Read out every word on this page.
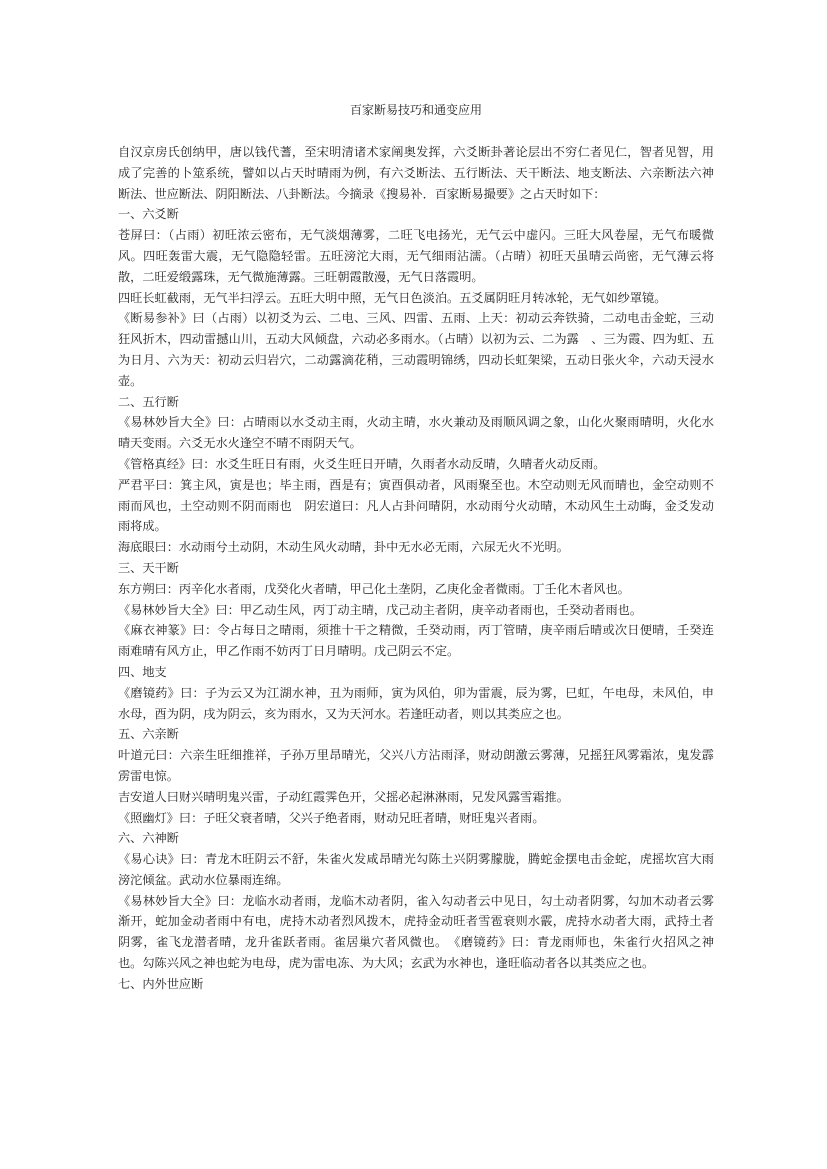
百家断易技巧和通变应用
自汉京房氏创纳甲，唐以钱代蓍，至宋明清诸术家阐奥发挥，六爻断卦著论层出不穷仁者见仁，智者见智，用成了完善的卜筮系统，譬如以占天时晴雨为例，有六爻断法、五行断法、天干断法、地支断法、六亲断法六神断法、世应断法、阴阳断法、八卦断法。今摘录《搜易补．百家断易撮要》之占天时如下：
一、六爻断
苍屏曰：（占雨）初旺浓云密布，无气淡烟薄雾，二旺飞电扬光，无气云中虚闪。三旺大风卷屋，无气布暖微风。四旺轰雷大震，无气隐隐轻雷。五旺滂沱大雨，无气细雨沾濡。（占晴）初旺天虽晴云尚密，无气薄云将散，二旺爱缎露珠，无气微施薄露。三旺朝霞散漫，无气日落霞明。
四旺长虹截雨，无气半扫浮云。五旺大明中照，无气日色淡泊。五爻属阴旺月转冰轮，无气如纱罩镜。
《断易参补》曰（占雨）以初爻为云、二电、三风、四雷、五雨、上天：初动云奔铁骑，二动电击金蛇，三动狂风折木，四动雷撼山川，五动大风倾盘，六动必多雨水。（占晴）以初为云、二为露　、三为霞、四为虹、五为日月、六为天：初动云归岩穴，二动露滴花稍，三动霞明锦绣，四动长虹架梁，五动日张火伞，六动天浸水壶。
二、五行断
《易林妙旨大全》曰：占晴雨以水爻动主雨，火动主晴，水火兼动及雨顺风调之象，山化火聚雨晴明，火化水晴天变雨。六爻无水火逢空不晴不雨阴天气。
《管格真经》曰：水爻生旺日有雨，火爻生旺日开晴，久雨者水动反晴，久晴者火动反雨。
严君平曰：箕主风，寅是也；毕主雨，酉是有；寅酉俱动者，风雨聚至也。木空动则无风而晴也，金空动则不雨而风也，土空动则不阴而雨也　阴宏道曰：凡人占卦问晴阴，水动雨兮火动晴，木动风生土动晦，金爻发动雨将成。
海底眼曰：水动雨兮土动阴，木动生风火动晴，卦中无水必无雨，六尿无火不光明。
三、天干断
东方朔曰：丙辛化水者雨，戊癸化火者晴，甲己化土垄阴，乙庚化金者微雨。丁壬化木者风也。
《易林妙旨大全》曰：甲乙动生风，丙丁动主晴，戊己动主者阴，庚辛动者雨也，壬癸动者雨也。
《麻衣神篆》曰：令占每日之晴雨，须推十干之精微，壬癸动雨，丙丁管晴，庚辛雨后晴或次日便晴，壬癸连雨难晴有风方止，甲乙作雨不妨丙丁日月晴明。戊己阴云不定。
四、地支
《磨镜药》曰：子为云又为江湖水神，丑为雨师，寅为风伯，卯为雷震，辰为雾，巳虹，午电母，未风伯，申水母，酉为阴，戌为阴云，亥为雨水，又为天河水。若逢旺动者，则以其类应之也。
五、六亲断
叶道元曰：六亲生旺细推祥，子孙万里昂晴光，父兴八方沾雨泽，财动朗激云雾薄，兄摇狂风雾霜浓，鬼发霹雳雷电惊。
吉安道人曰财兴晴明鬼兴雷，子动红霞霁色开，父摇必起淋淋雨，兄发风露雪霜推。
《照幽灯》曰：子旺父衰者晴，父兴子绝者雨，财动兄旺者晴，财旺鬼兴者雨。
六、六神断
《易心诀》曰：青龙木旺阴云不舒，朱雀火发咸昂晴光勾陈土兴阴雾朦胧，腾蛇金摆电击金蛇，虎摇坎宫大雨滂沱倾盆。武动水位暴雨连绵。
《易林妙旨大全》曰：龙临水动者雨，龙临木动者阴，雀入勾动者云中见日，勾土动者阴雾，勾加木动者云雾渐开，蛇加金动者雨中有电，虎持木动者烈风拨木，虎持金动旺者雪雹衰则水霰，虎持水动者大雨，武持土者阴雾，雀飞龙潜者晴，龙升雀跃者雨。雀居巢穴者风微也。　《磨镜药》曰：青龙雨师也，朱雀行火招风之神也。勾陈兴风之神也蛇为电母，虎为雷电冻、为大风；玄武为水神也，逢旺临动者各以其类应之也。
七、内外世应断
